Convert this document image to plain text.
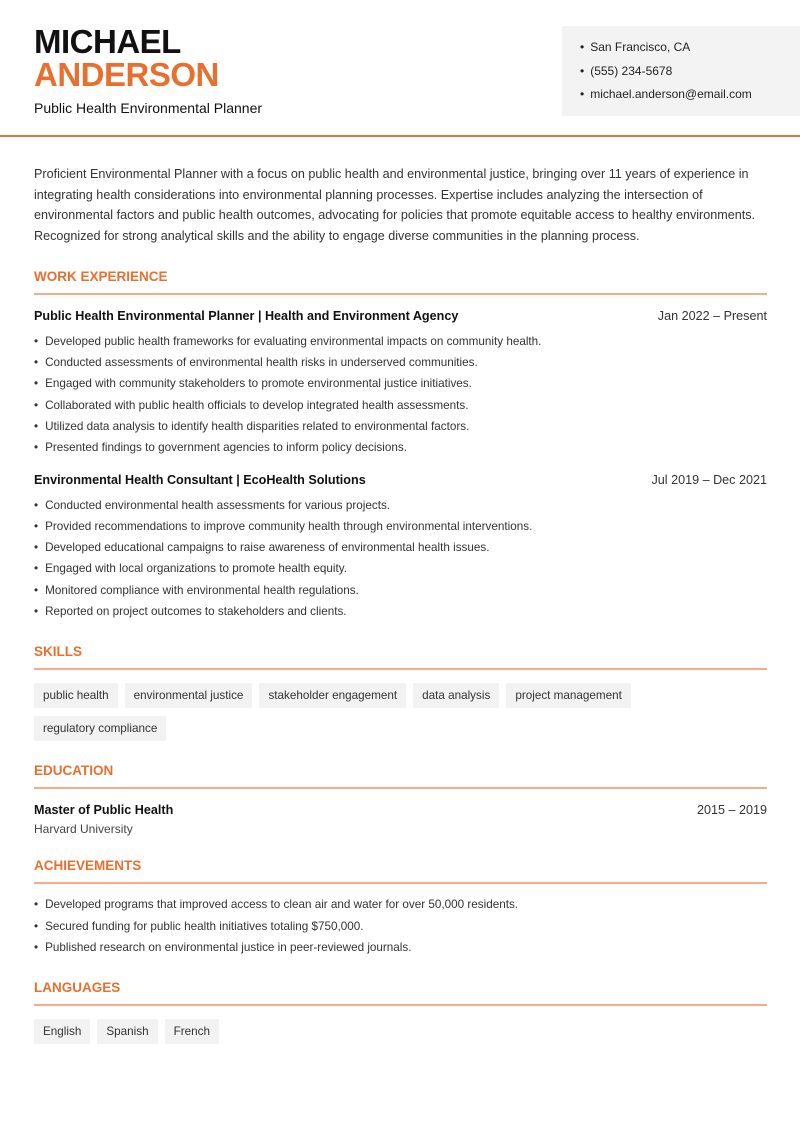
MICHAEL
ANDERSON
Public Health Environmental Planner
• San Francisco, CA
• (555) 234-5678
• michael.anderson@email.com

Proficient Environmental Planner with a focus on public health and environmental justice, bringing over 11 years of experience in integrating health considerations into environmental planning processes. Expertise includes analyzing the intersection of environmental factors and public health outcomes, advocating for policies that promote equitable access to healthy environments. Recognized for strong analytical skills and the ability to engage diverse communities in the planning process.

WORK EXPERIENCE
Public Health Environmental Planner | Health and Environment Agency	Jan 2022 – Present
• Developed public health frameworks for evaluating environmental impacts on community health.
• Conducted assessments of environmental health risks in underserved communities.
• Engaged with community stakeholders to promote environmental justice initiatives.
• Collaborated with public health officials to develop integrated health assessments.
• Utilized data analysis to identify health disparities related to environmental factors.
• Presented findings to government agencies to inform policy decisions.
Environmental Health Consultant | EcoHealth Solutions	Jul 2019 – Dec 2021
• Conducted environmental health assessments for various projects.
• Provided recommendations to improve community health through environmental interventions.
• Developed educational campaigns to raise awareness of environmental health issues.
• Engaged with local organizations to promote health equity.
• Monitored compliance with environmental health regulations.
• Reported on project outcomes to stakeholders and clients.
SKILLS
public health	environmental justice	stakeholder engagement	data analysis	project management
regulatory compliance
EDUCATION
Master of Public Health	2015 – 2019
Harvard University
ACHIEVEMENTS
• Developed programs that improved access to clean air and water for over 50,000 residents.
• Secured funding for public health initiatives totaling $750,000.
• Published research on environmental justice in peer-reviewed journals.
LANGUAGES
English	Spanish	French
